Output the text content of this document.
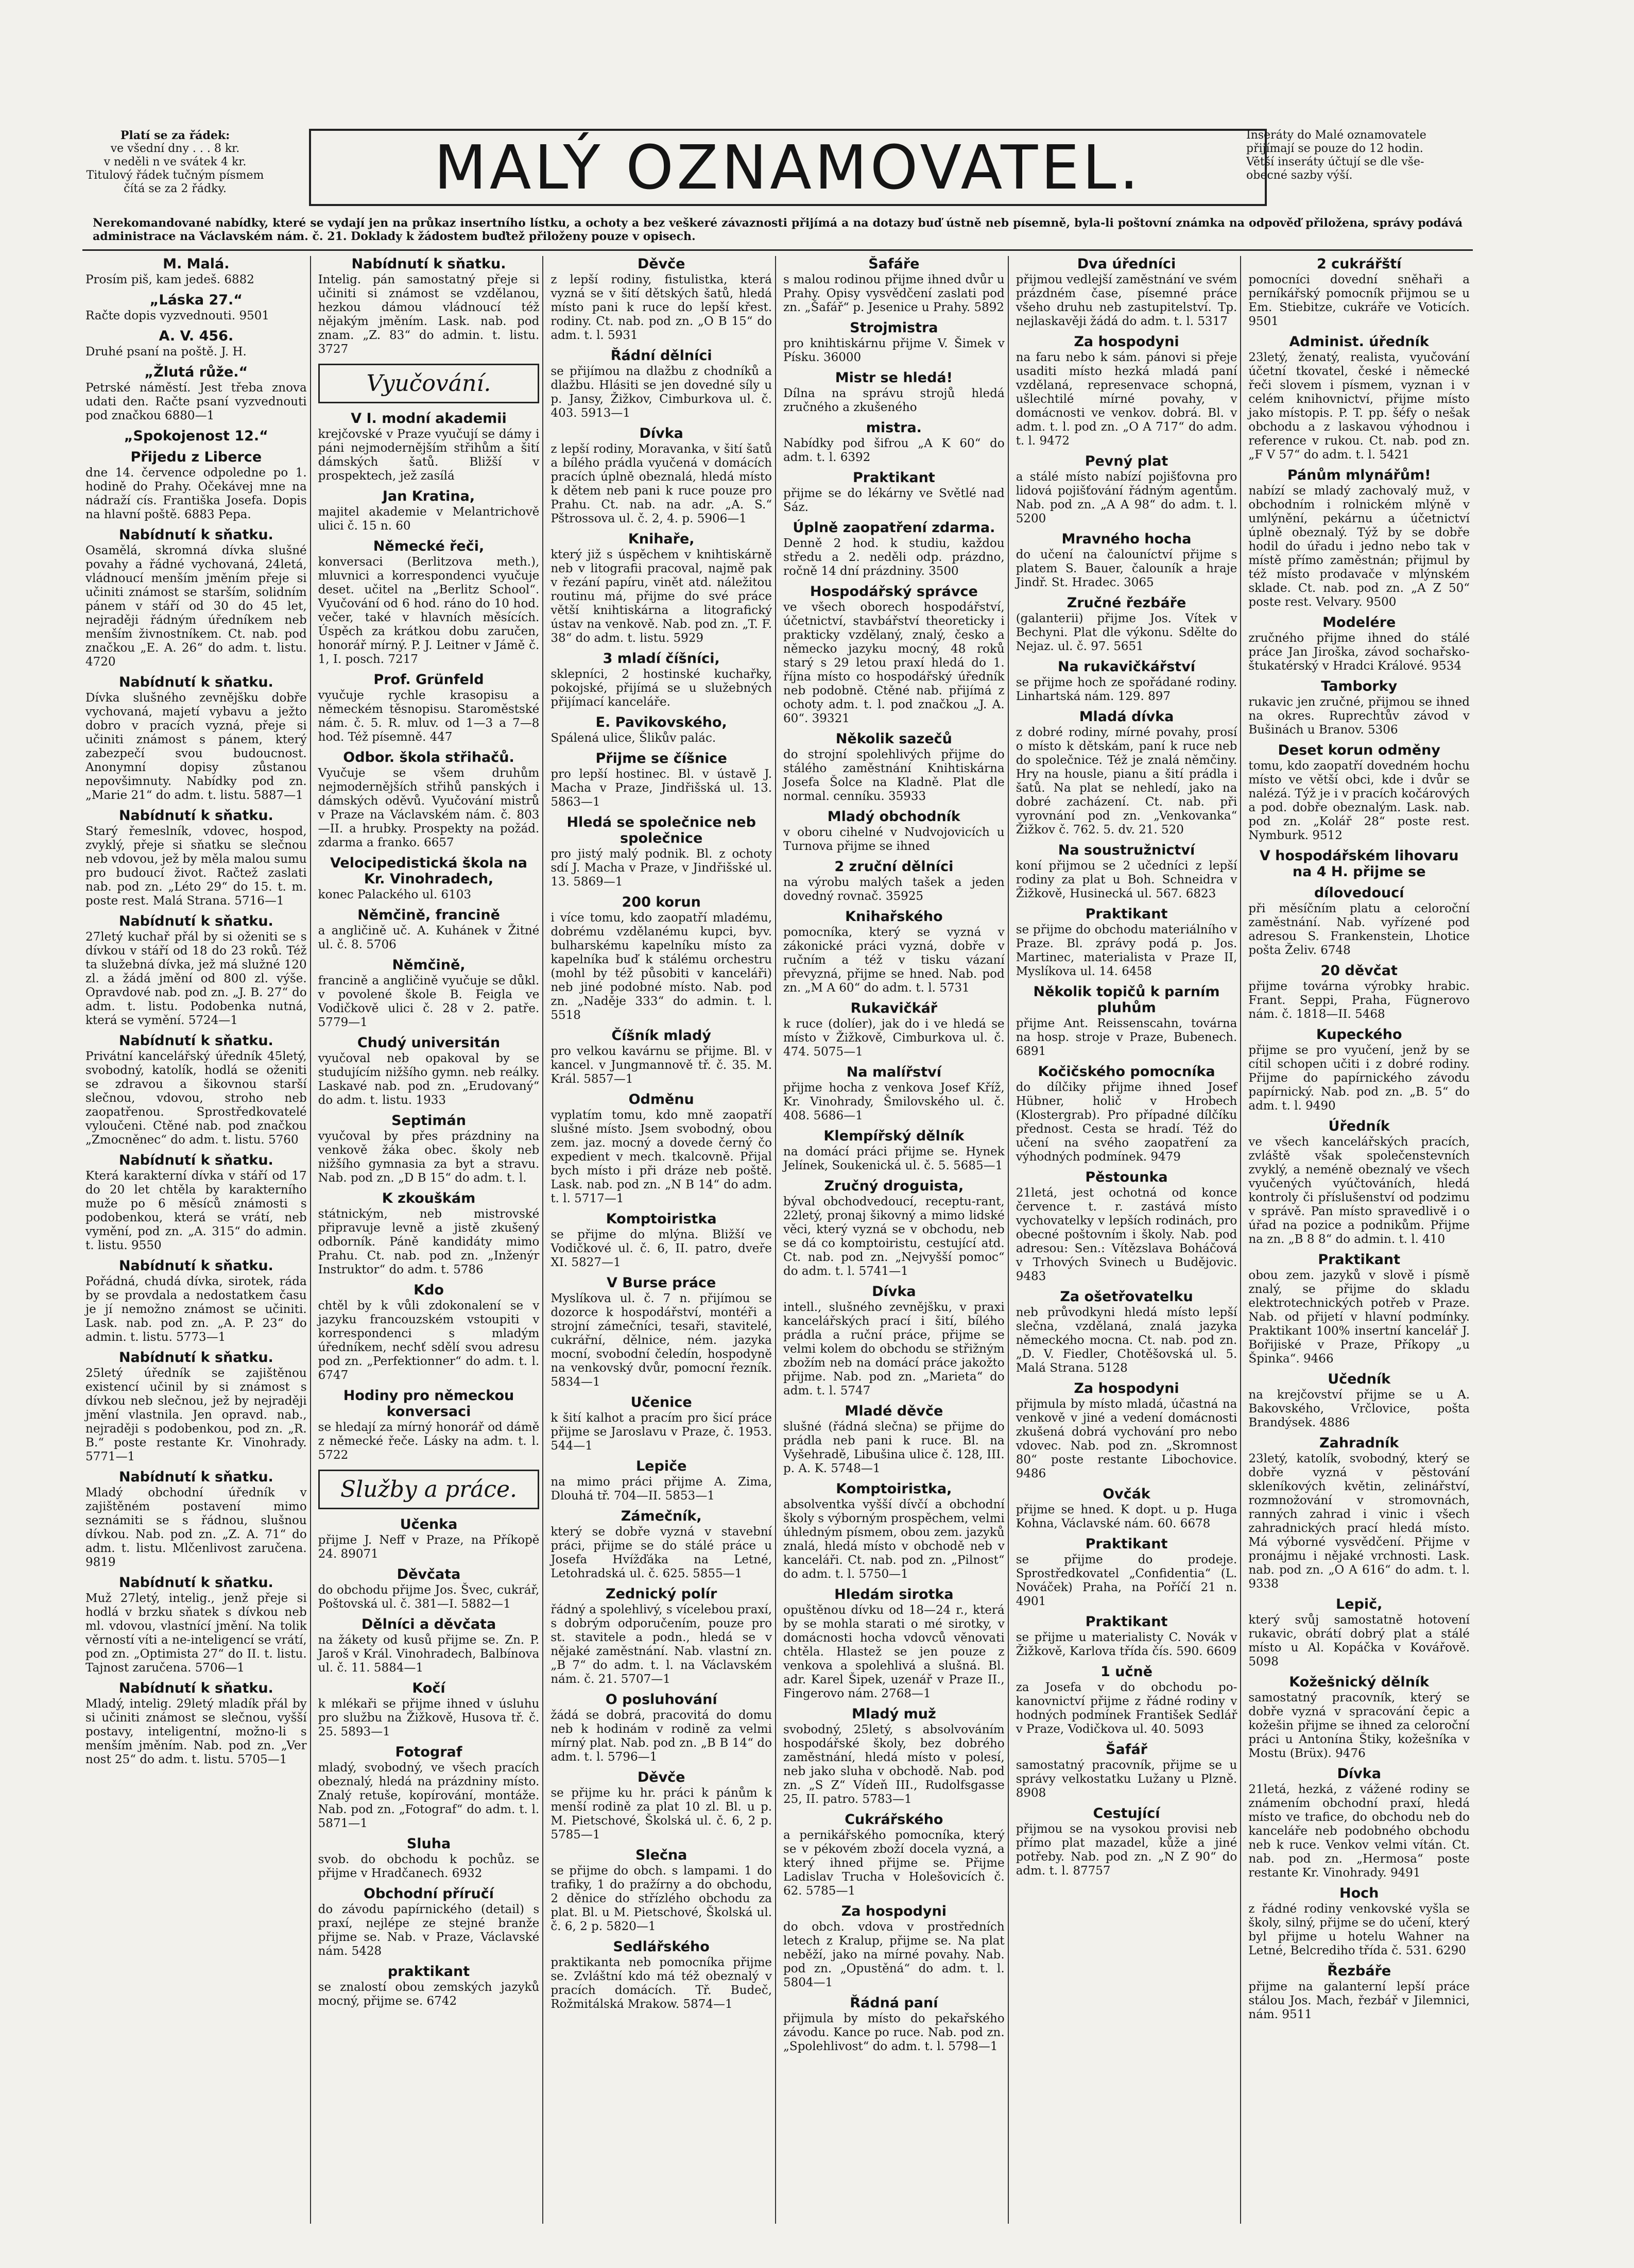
Platí se za řádek:
ve všední dny . . . 8 kr.
v neděli n ve svátek 4 kr.
Titulový řádek tučným písmem
čítá se za 2 řádky.	MALÝ OZNAMOVATEL.	Inseráty do Malé oznamovatele
přijímají se pouze do 12 hodin.
Větší inseráty účtují se dle vše-
obecné sazby výší.
Nerekomandované nabídky, které se vydají jen na průkaz insertního lístku, a ochoty a bez veškeré závaznosti přijímá a na dotazy buď ústně neb písemně, byla-li poštovní známka na odpověď přiložena, správy podává administrace na Václavském nám. č. 21. Doklady k žádostem buďtež přiloženy pouze v opisech.
M. Malá.

Prosím piš, kam jedeš. 6882

„Láska 27.“

Račte dopis vyzvednouti. 9501

A. V. 456.

Druhé psaní na poště. J. H.

„Žlutá růže.“

Petrské náměstí. Jest třeba znova udati den. Račte psaní vyzvednouti pod značkou 6880—1

„Spokojenost 12.“
Přijedu z Liberce

dne 14. července odpoledne po 1. hodině do Prahy. Očekávej mne na nádraží cís. Františka Josefa. Dopis na hlavní poště. 6883 Pepa.

Nabídnutí k sňatku.

Osamělá, skromná dívka slušné povahy a řádné vychovaná, 24letá, vládnoucí menším jměním přeje si učiniti známost se starším, solidním pánem v stáří od 30 do 45 let, nejraději řádným úředníkem neb menším živnostníkem. Ct. nab. pod značkou „E. A. 26“ do adm. t. listu. 4720

Nabídnutí k sňatku.

Dívka slušného zevnějšku dobře vychovaná, majetí vybavu a ježto dobro v pracích vyzná, přeje si učiniti známost s pánem, který zabezpečí svou budoucnost. Anonymní dopisy zůstanou nepovšimnuty. Nabídky pod zn. „Marie 21“ do adm. t. listu. 5887—1

Nabídnutí k sňatku.

Starý řemeslník, vdovec, hospod, zvyklý, přeje si sňatku se slečnou neb vdovou, jež by měla malou sumu pro budoucí život. Račtež zaslati nab. pod zn. „Léto 29“ do 15. t. m. poste rest. Malá Strana. 5716—1

Nabídnutí k sňatku.

27letý kuchař přál by si oženiti se s dívkou v stáří od 18 do 23 roků. Též ta služebná dívka, jež má služné 120 zl. a žádá jmění od 800 zl. výše. Opravdové nab. pod zn. „J. B. 27“ do adm. t. listu. Podobenka nutná, která se vymění. 5724—1

Nabídnutí k sňatku.

Privátní kancelářský úředník 45letý, svobodný, katolík, hodlá se oženiti se zdravou a šikovnou starší slečnou, vdovou, stroho neb zaopatřenou. Sprostředkovatelé vyloučeni. Ctěné nab. pod značkou „Zmocněnec“ do adm. t. listu. 5760

Nabídnutí k sňatku.

Která karakterní dívka v stáří od 17 do 20 let chtěla by karakterního muže po 6 měsíců známosti s podobenkou, která se vrátí, neb vymění, pod zn. „A. 315“ do admin. t. listu. 9550

Nabídnutí k sňatku.

Pořádná, chudá dívka, sirotek, ráda by se provdala a nedostatkem času je jí nemožno známost se učiniti. Lask. nab. pod zn. „A. P. 23“ do admin. t. listu. 5773—1

Nabídnutí k sňatku.

25letý úředník se zajištěnou existencí učinil by si známost s dívkou neb slečnou, jež by nejraději jmění vlastnila. Jen opravd. nab., nejraději s podobenkou, pod zn. „R. B.“ poste restante Kr. Vinohrady. 5771—1

Nabídnutí k sňatku.

Mladý obchodní úředník v zajištěném postavení mimo seznámiti se s řádnou, slušnou dívkou. Nab. pod zn. „Z. A. 71“ do adm. t. listu. Mlčenlivost zaručena. 9819

Nabídnutí k sňatku.

Muž 27letý, intelig., jenž přeje si hodlá v brzku sňatek s dívkou neb ml. vdovou, vlastnící jmění. Na tolik věrností víti a ne-inteligencí se vrátí, pod zn. „Optimista 27“ do II. t. listu. Tajnost zaručena. 5706—1

Nabídnutí k sňatku.

Mladý, intelig. 29letý mladík přál by si učiniti známost se slečnou, vyšší postavy, inteligentní, možno-li s menším jměním. Nab. pod zn. „Ver nost 25“ do adm. t. listu. 5705—1

Nabídnutí k sňatku.

Intelig. pán samostatný přeje si učiniti si známost se vzdělanou, hezkou dámou vládnoucí též nějakým jměním. Lask. nab. pod znam. „Z. 83“ do admin. t. listu. 3727

Vyučování.
V I. modní akademii

krejčovské v Praze vyučují se dámy i páni nejmodernějším střihům a šití dámských šatů. Bližší v prospektech, jež zasílá

Jan Kratina,

majitel akademie v Melantrichově ulici č. 15 n. 60

Německé řeči,

konversaci (Berlitzova meth.), mluvnici a korrespondenci vyučuje deset. učitel na „Berlitz School“. Vyučování od 6 hod. ráno do 10 hod. večer, také v hlavních měsících. Úspěch za krátkou dobu zaručen, honorář mírný. P. J. Leitner v Jámě č. 1, I. posch. 7217

Prof. Grünfeld

vyučuje rychle krasopisu a německém těsnopisu. Staroměstské nám. č. 5. R. mluv. od 1—3 a 7—8 hod. Též písemně. 447

Odbor. škola střihačů.

Vyučuje se všem druhům nejmodernějších střihů panských i dámských oděvů. Vyučování mistrů v Praze na Václavském nám. č. 803—II. a hrubky. Prospekty na požád. zdarma a franko. 6657

Velocipedistická škola na Kr. Vinohradech,

konec Palackého ul. 6103

Němčině, francině

a angličině uč. A. Kuhánek v Žitné ul. č. 8. 5706

Němčině,

francině a angličině vyučuje se důkl. v povolené škole B. Feigla ve Vodičkově ulici č. 28 v 2. patře. 5779—1

Chudý universitán

vyučoval neb opakoval by se studujícím nižšího gymn. neb reálky. Laskavé nab. pod zn. „Erudovaný“ do adm. t. listu. 1933

Septimán

vyučoval by přes prázdniny na venkově žáka obec. školy neb nižšího gymnasia za byt a stravu. Nab. pod zn. „D B 15“ do adm. t. l.

K zkouškám

státnickým, neb mistrovské připravuje levně a jistě zkušený odborník. Páně kandidáty mimo Prahu. Ct. nab. pod zn. „Inženýr Instruktor“ do adm. t. 5786

Kdo

chtěl by k vůli zdokonalení se v jazyku francouzském vstoupiti v korrespondenci s mladým úředníkem, nechť sdělí svou adresu pod zn. „Perfektionner“ do adm. t. l. 6747

Hodiny pro německou konversaci

se hledají za mírný honorář od dámě z německé řeče. Lásky na adm. t. l. 5722

Služby a práce.
Učenka

přijme J. Neff v Praze, na Příkopě 24. 89071

Děvčata

do obchodu přijme Jos. Švec, cukrář, Poštovská ul. č. 381—I. 5882—1

Dělníci a děvčata

na žákety od kusů přijme se. Zn. P. Jaroš v Král. Vinohradech, Balbínova ul. č. 11. 5884—1

Kočí

k mlékaři se přijme ihned v úsluhu pro službu na Žižkově, Husova tř. č. 25. 5893—1

Fotograf

mladý, svobodný, ve všech pracích obeznalý, hledá na prázdniny místo. Znalý retuše, kopírování, montáže. Nab. pod zn. „Fotograf“ do adm. t. l. 5871—1

Sluha

svob. do obchodu k pochůz. se přijme v Hradčanech. 6932

Obchodní příručí

do závodu papírnického (detail) s praxí, nejlépe ze stejné branže přijme se. Nab. v Praze, Václavské nám. 5428

praktikant

se znalostí obou zemských jazyků mocný, přijme se. 6742

Děvče

z lepší rodiny, fistulistka, která vyzná se v šití dětských šatů, hledá místo pani k ruce do lepší křest. rodiny. Ct. nab. pod zn. „O B 15“ do adm. t. l. 5931

Řádní dělníci

se přijímou na dlažbu z chodníků a dlažbu. Hlásiti se jen dovedné síly u p. Jansy, Žižkov, Cimburkova ul. č. 403. 5913—1

Dívka

z lepší rodiny, Moravanka, v šití šatů a bílého prádla vyučená v domácích pracích úplně obeznalá, hledá místo k dětem neb pani k ruce pouze pro Prahu. Ct. nab. na adr. „A. S.“ Pštrossova ul. č. 2, 4. p. 5906—1

Knihaře,

který již s úspěchem v knihtiskárně neb v litografii pracoval, najmě pak v řezání papíru, vinět atd. náležitou routinu má, přijme do své práce větší knihtiskárna a litografický ústav na venkově. Nab. pod zn. „T. F. 38“ do adm. t. listu. 5929

3 mladí číšníci,

sklepníci, 2 hostinské kuchařky, pokojské, přijímá se u služebných přijímací kanceláře.

E. Pavikovského,

Spálená ulice, Šlikův palác.

Přijme se číšnice

pro lepší hostinec. Bl. v ústavě J. Macha v Praze, Jindřišská ul. 13. 5863—1

Hledá se společnice neb společnice

pro jistý malý podnik. Bl. z ochoty sdí J. Macha v Praze, v Jindřišské ul. 13. 5869—1

200 korun

i více tomu, kdo zaopatří mladému, dobrému vzdělanému kupci, byv. bulharskému kapelníku místo za kapelníka buď k stálému orchestru (mohl by též působiti v kanceláři) neb jiné podobné místo. Nab. pod zn. „Naděje 333“ do admin. t. l. 5518

Číšník mladý

pro velkou kavárnu se přijme. Bl. v kancel. v Jungmannově tř. č. 35. M. Král. 5857—1

Odměnu

vyplatím tomu, kdo mně zaopatří slušné místo. Jsem svobodný, obou zem. jaz. mocný a dovede černý čo expedient v mech. tkalcovně. Přijal bych místo i při dráze neb poště. Lask. nab. pod zn. „N B 14“ do adm. t. l. 5717—1

Komptoiristka

se přijme do mlýna. Bližší ve Vodičkové ul. č. 6, II. patro, dveře XI. 5827—1

V Burse práce

Myslíkova ul. č. 7 n. přijímou se dozorce k hospodářství, montéři a strojní zámečníci, tesaři, stavitelé, cukrářní, dělnice, ném. jazyka mocní, svobodní čeledín, hospodyně na venkovský dvůr, pomocní řezník. 5834—1

Učenice

k šití kalhot a pracím pro šicí práce přijme se Jaroslavu v Praze, č. 1953. 544—1

Lepiče

na mimo práci přijme A. Zima, Dlouhá tř. 704—II. 5853—1

Zámečník,

který se dobře vyzná v stavební práci, přijme se do stálé práce u Josefa Hvížďáka na Letné, Letohradská ul. č. 625. 5855—1

Zednický polír

řádný a spolehlivý, s vícelebou praxí, s dobrým odporučením, pouze pro st. stavitele a podn., hledá se v nějaké zaměstnání. Nab. vlastní zn. „B 7“ do adm. t. l. na Václavském nám. č. 21. 5707—1

O posluhování

žádá se dobrá, pracovitá do domu neb k hodinám v rodině za velmi mírný plat. Nab. pod zn. „B B 14“ do adm. t. l. 5796—1

Děvče

se přijme ku hr. práci k pánům k menší rodině za plat 10 zl. Bl. u p. M. Pietschové, Školská ul. č. 6, 2 p. 5785—1

Slečna

se přijme do obch. s lampami. 1 do trafiky, 1 do pražírny a do obchodu, 2 děnice do střízlého obchodu za plat. Bl. u M. Pietschové, Školská ul. č. 6, 2 p. 5820—1

Sedlářského

praktikanta neb pomocníka přijme se. Zvláštní kdo má též obeznalý v pracích domácích. Tř. Budeč, Rožmitálská Mrakow. 5874—1

Šafáře

s malou rodinou přijme ihned dvůr u Prahy. Opisy vysvědčení zaslati pod zn. „Šafář“ p. Jesenice u Prahy. 5892

Strojmistra

pro knihtiskárnu přijme V. Šimek v Písku. 36000

Mistr se hledá!

Dílna na správu strojů hledá zručného a zkušeného

mistra.

Nabídky pod šifrou „A K 60“ do adm. t. l. 6392

Praktikant

přijme se do lékárny ve Světlé nad Sáz.

Úplně zaopatření zdarma.

Denně 2 hod. k studiu, každou středu a 2. neděli odp. prázdno, ročně 14 dní prázdniny. 3500

Hospodářský správce

ve všech oborech hospodářství, účetnictví, stavbářství theoreticky i prakticky vzdělaný, znalý, česko a německo jazyku mocný, 48 roků starý s 29 letou praxí hledá do 1. října místo co hospodářský úředník neb podobně. Ctěné nab. přijímá z ochoty adm. t. l. pod značkou „J. A. 60“. 39321

Několik sazečů

do strojní spolehlivých přijme do stálého zaměstnání Knihtiskárna Josefa Šolce na Kladně. Plat dle normal. cenníku. 35933

Mladý obchodník

v oboru cihelné v Nudvojovicích u Turnova přijme se ihned

2 zruční dělníci

na výrobu malých tašek a jeden dovedný rovnač. 35925

Knihařského

pomocníka, který se vyzná v zákonické práci vyzná, dobře v ručním a též v tisku vázaní převyzná, přijme se hned. Nab. pod zn. „M A 60“ do adm. t. l. 5731

Rukavičkář

k ruce (dolíer), jak do i ve hledá se místo v Žižkově, Cimburkova ul. č. 474. 5075—1

Na malířství

přijme hocha z venkova Josef Kříž, Kr. Vinohrady, Šmilovského ul. č. 408. 5686—1

Klempířský dělník

na domácí práci přijme se. Hynek Jelínek, Soukenická ul. č. 5. 5685—1

Zručný droguista,

býval obchodvedoucí, receptu-rant, 22letý, pronaj šikovný a mimo lidské věci, který vyzná se v obchodu, neb se dá co komptoiristu, cestující atd. Ct. nab. pod zn. „Nejvyšší pomoc“ do adm. t. l. 5741—1

Dívka

intell., slušného zevnějšku, v praxi kancelářských prací i šití, bílého prádla a ruční práce, přijme se velmi kolem do obchodu se střižným zbožím neb na domácí práce jakožto přijme. Nab. pod zn. „Marieta“ do adm. t. l. 5747

Mladé děvče

slušné (řádná slečna) se přijme do prádla neb pani k ruce. Bl. na Vyšehradě, Libušina ulice č. 128, III. p. A. K. 5748—1

Komptoiristka,

absolventka vyšší dívčí a obchodní školy s výborným prospěchem, velmi úhledným písmem, obou zem. jazyků znalá, hledá místo v obchodě neb v kanceláři. Ct. nab. pod zn. „Pilnost“ do adm. t. l. 5750—1

Hledám sirotka

opuštěnou dívku od 18—24 r., která by se mohla starati o mé sirotky, v domácnosti hocha vdovců věnovati chtěla. Hlastež se jen pouze z venkova a spolehlivá a slušná. Bl. adr. Karel Šipek, uzenář v Praze II., Fingerovo nám. 2768—1

Mladý muž

svobodný, 25letý, s absolvováním hospodářské školy, bez dobrého zaměstnání, hledá místo v polesí, neb jako sluha v obchodě. Nab. pod zn. „S Z“ Vídeň III., Rudolfsgasse 25, II. patro. 5783—1

Cukrářského

a pernikářského pomocníka, který se v pékovém zboží docela vyzná, a který ihned přijme se. Přijme Ladislav Trucha v Holešovicích č. 62. 5785—1

Za hospodyni

do obch. vdova v prostředních letech z Kralup, přijme se. Na plat neběží, jako na mírné povahy. Nab. pod zn. „Opustěná“ do adm. t. l. 5804—1

Řádná paní

přijmula by místo do pekařského závodu. Kance po ruce. Nab. pod zn. „Spolehlivost“ do adm. t. l. 5798—1

Dva úředníci

přijmou vedlejší zaměstnání ve svém prázdném čase, písemné práce všeho druhu neb zastupitelství. Tp. nejlaskavěji žádá do adm. t. l. 5317

Za hospodyni

na faru nebo k sám. pánovi si přeje usaditi místo hezká mladá paní vzdělaná, represenvace schopná, ušlechtilé mírné povahy, v domácnosti ve venkov. dobrá. Bl. v adm. t. l. pod zn. „O A 717“ do adm. t. l. 9472

Pevný plat

a stálé místo nabízí pojišťovna pro lidová pojišťování řádným agentům. Nab. pod zn. „A A 98“ do adm. t. l. 5200

Mravného hocha

do učení na čalouníctví přijme s platem S. Bauer, čalouník a hraje Jindř. St. Hradec. 3065

Zručné řezbáře

(galanterii) přijme Jos. Vítek v Bechyni. Plat dle výkonu. Sdělte do Nejaz. ul. č. 97. 5651

Na rukavičkářství

se přijme hoch ze spořádané rodiny. Linhartská nám. 129. 897

Mladá dívka

z dobré rodiny, mírné povahy, prosí o místo k dětskám, paní k ruce neb do společnice. Též je znalá němčiny. Hry na housle, pianu a šití prádla i šatů. Na plat se nehledí, jako na dobré zacházení. Ct. nab. při vyrovnání pod zn. „Venkovanka“ Žižkov č. 762. 5. dv. 21. 520

Na soustružnictví

koní přijmou se 2 učedníci z lepší rodiny za plat u Boh. Schneidra v Žižkově, Husinecká ul. 567. 6823

Praktikant

se přijme do obchodu materiálního v Praze. Bl. zprávy podá p. Jos. Martinec, materialista v Praze II, Myslíkova ul. 14. 6458

Několik topičů k parním pluhům

přijme Ant. Reissenscahn, továrna na hosp. stroje v Praze, Bubenech. 6891

Kočičského pomocníka

do dílčiky přijme ihned Josef Hübner, holič v Hrobech (Klostergrab). Pro případné dílčíku přednost. Cesta se hradí. Též do učení na svého zaopatření za výhodných podmínek. 9479

Pěstounka

21letá, jest ochotná od konce července t. r. zastává místo vychovatelky v lepších rodinách, pro obecné poštovním i školy. Nab. pod adresou: Sen.: Vítězslava Boháčová v Trhových Svinech u Budějovic. 9483

Za ošetřovatelku

neb průvodkyni hledá místo lepší slečna, vzdělaná, znalá jazyka německého mocna. Ct. nab. pod zn. „D. V. Fiedler, Chotěšovská ul. 5. Malá Strana. 5128

Za hospodyni

přijmula by místo mladá, účastná na venkově v jiné a vedení domácnosti zkušená dobrá vychování pro nebo vdovec. Nab. pod zn. „Skromnost 80“ poste restante Libochovice. 9486

Ovčák

přijme se hned. K dopt. u p. Huga Kohna, Václavské nám. 60. 6678

Praktikant

se přijme do prodeje. Sprostředkovatel „Confidentia“ (L. Nováček) Praha, na Poříčí 21 n. 4901

Praktikant

se přijme u materialisty C. Novák v Žižkově, Karlova třída čís. 590. 6609

1 učně

za Josefa v do obchodu po-kanovnictví přijme z řádné rodiny v hodných podmínek František Sedlář v Praze, Vodičkova ul. 40. 5093

Šafář

samostatný pracovník, přijme se u správy velkostatku Lužany u Plzně. 8908

Cestující

přijmou se na vysokou provisi neb přímo plat mazadel, kůže a jiné potřeby. Nab. pod zn. „N Z 90“ do adm. t. l. 87757

2 cukrářští

pomocníci dovední sněhaři a perníkářský pomocník přijmou se u Em. Stiebitze, cukráře ve Voticích. 9501

Administ. úředník

23letý, ženatý, realista, vyučování účetní tkovatel, české i německé řeči slovem i písmem, vyznan i v celém knihovnictví, přijme místo jako místopis. P. T. pp. šéfy o nešak obchodu a z laskavou výhodnou i reference v rukou. Ct. nab. pod zn. „F V 57“ do adm. t. l. 5421

Pánům mlynářům!

nabízí se mladý zachovalý muž, v obchodním i rolnickém mlýně v umlýnění, pekárnu a účetnictví úplně obeznalý. Týž by se dobře hodil do úřadu i jedno nebo tak v místě přímo zaměstnán; přijmul by též místo prodavače v mlýnském sklade. Ct. nab. pod zn. „A Z 50“ poste rest. Velvary. 9500

Modelére

zručného přijme ihned do stálé práce Jan Jiroška, závod sochařsko-štukatérský v Hradci Králové. 9534

Tamborky

rukavic jen zručné, přijmou se ihned na okres. Ruprechtův závod v Bušinách u Branov. 5306

Deset korun odměny

tomu, kdo zaopatří dovedném hochu místo ve větší obci, kde i dvůr se nalézá. Týž je i v pracích kočárových a pod. dobře obeznalým. Lask. nab. pod zn. „Kolář 28“ poste rest. Nymburk. 9512

V hospodářském lihovaru na 4 H. přijme se
dílovedoucí

při měsíčním platu a celoroční zaměstnání. Nab. vyřízené pod adresou S. Frankenstein, Lhotice pošta Želiv. 6748

20 děvčat

přijme továrna výrobky hrabic. Frant. Seppi, Praha, Fügnerovo nám. č. 1818—II. 5468

Kupeckého

přijme se pro vyučení, jenž by se cítil schopen učiti i z dobré rodiny. Přijme do papírnického závodu papírnický. Nab. pod zn. „B. 5“ do adm. t. l. 9490

Úředník

ve všech kancelářských pracích, zvláště však společenstevních zvyklý, a neméně obeznalý ve všech vyučených vyúčtováních, hledá kontroly či příslušenství od podzimu v správě. Pan místo spravedlivě i o úřad na pozice a podnikům. Přijme na zn. „B 8 8“ do admin. t. l. 410

Praktikant

obou zem. jazyků v slově i písmě znalý, se přijme do skladu elektrotechnických potřeb v Praze. Nab. od přijetí v hlavní podmínky. Praktikant 100% insertní kancelář J. Bořijiské v Praze, Příkopy „u Špinka“. 9466

Učedník

na krejčovství přijme se u A. Bakovského, Vrčlovice, pošta Brandýsek. 4886

Zahradník

23letý, katolík, svobodný, který se dobře vyzná v pěstování skleníkových květin, zelinářství, rozmnožování v stromovnách, ranných zahrad i vinic i všech zahradnických prací hledá místo. Má výborné vysvědčení. Přijme v pronájmu i nějaké vrchnosti. Lask. nab. pod zn. „O A 616“ do adm. t. l. 9338

Lepič,

který svůj samostatně hotovení rukavic, obrátí dobrý plat a stálé místo u Al. Kopáčka v Kovářově. 5098

Kožešnický dělník

samostatný pracovník, který se dobře vyzná v spracování čepic a kožešin přijme se ihned za celoroční práci u Antonína Štiky, kožešníka v Mostu (Brüx). 9476

Dívka

21letá, hezká, z vážené rodiny se známením obchodní praxí, hledá místo ve trafice, do obchodu neb do kanceláře neb podobného obchodu neb k ruce. Venkov velmi vítán. Ct. nab. pod zn. „Hermosa“ poste restante Kr. Vinohrady. 9491

Hoch

z řádné rodiny venkovské vyšla se školy, silný, přijme se do učení, který byl přijme u hotelu Wahner na Letné, Belcrediho třída č. 531. 6290

Řezbáře

přijme na galanterní lepší práce stálou Jos. Mach, řezbář v Jilemnici, nám. 9511
